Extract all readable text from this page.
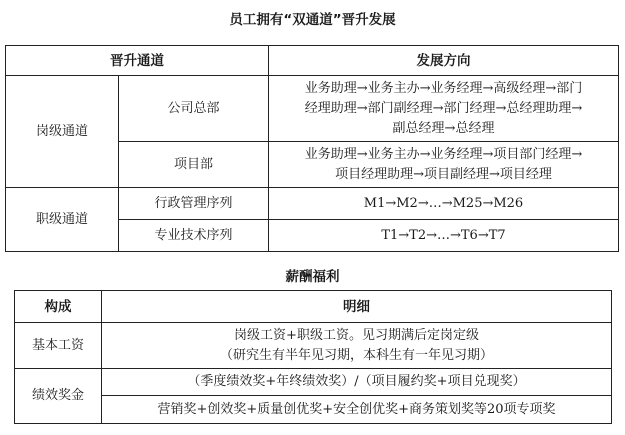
员工拥有“双通道”晋升发展
晋升通道		发展方向
岗级通道	公司总部	业务助理→业务主办→业务经理→高级经理→部门
经理助理→部门副经理→部门经理→总经理助理→
副总经理→总经理

	项目部	业务助理→业务主办→业务经理→项目部门经理→
项目经理助理→项目副经理→项目经理

职级通道	行政管理序列	M1→M2→…→M25→M26
	专业技术序列	T1→T2→…→T6→T7
薪酬福利
构成	明细
基本工资	岗级工资+职级工资。见习期满后定岗定级
（研究生有半年见习期，本科生有一年见习期）

绩效奖金	（季度绩效奖+年终绩效奖）/（项目履约奖+项目兑现奖）
	营销奖+创效奖+质量创优奖+安全创优奖+商务策划奖等20项专项奖
